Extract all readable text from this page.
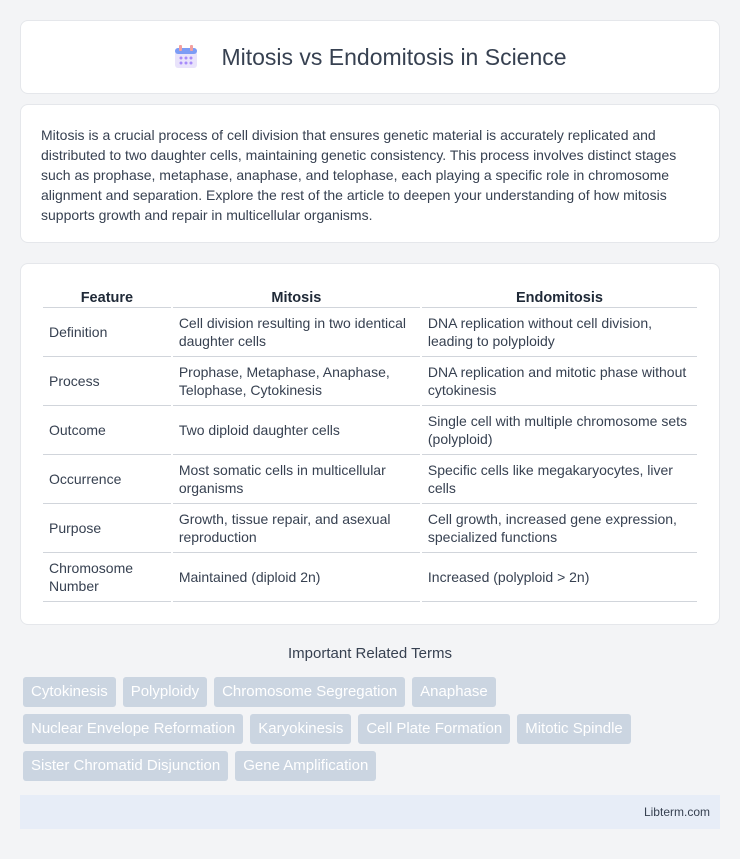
Mitosis vs Endomitosis in Science

Mitosis is a crucial process of cell division that ensures genetic material is accurately replicated and distributed to two daughter cells, maintaining genetic consistency. This process involves distinct stages such as prophase, metaphase, anaphase, and telophase, each playing a specific role in chromosome alignment and separation. Explore the rest of the article to deepen your understanding of how mitosis supports growth and repair in multicellular organisms.

Feature	Mitosis	Endomitosis
Definition	Cell division resulting in two identical daughter cells	DNA replication without cell division, leading to polyploidy
Process	Prophase, Metaphase, Anaphase, Telophase, Cytokinesis	DNA replication and mitotic phase without cytokinesis
Outcome	Two diploid daughter cells	Single cell with multiple chromosome sets (polyploid)
Occurrence	Most somatic cells in multicellular organisms	Specific cells like megakaryocytes, liver cells
Purpose	Growth, tissue repair, and asexual reproduction	Cell growth, increased gene expression, specialized functions
Chromosome Number	Maintained (diploid 2n)	Increased (polyploid > 2n)
Important Related Terms
Cytokinesis	Polyploidy	Chromosome Segregation	Anaphase
Nuclear Envelope Reformation	Karyokinesis	Cell Plate Formation	Mitotic Spindle
Sister Chromatid Disjunction	Gene Amplification
Libterm.com
